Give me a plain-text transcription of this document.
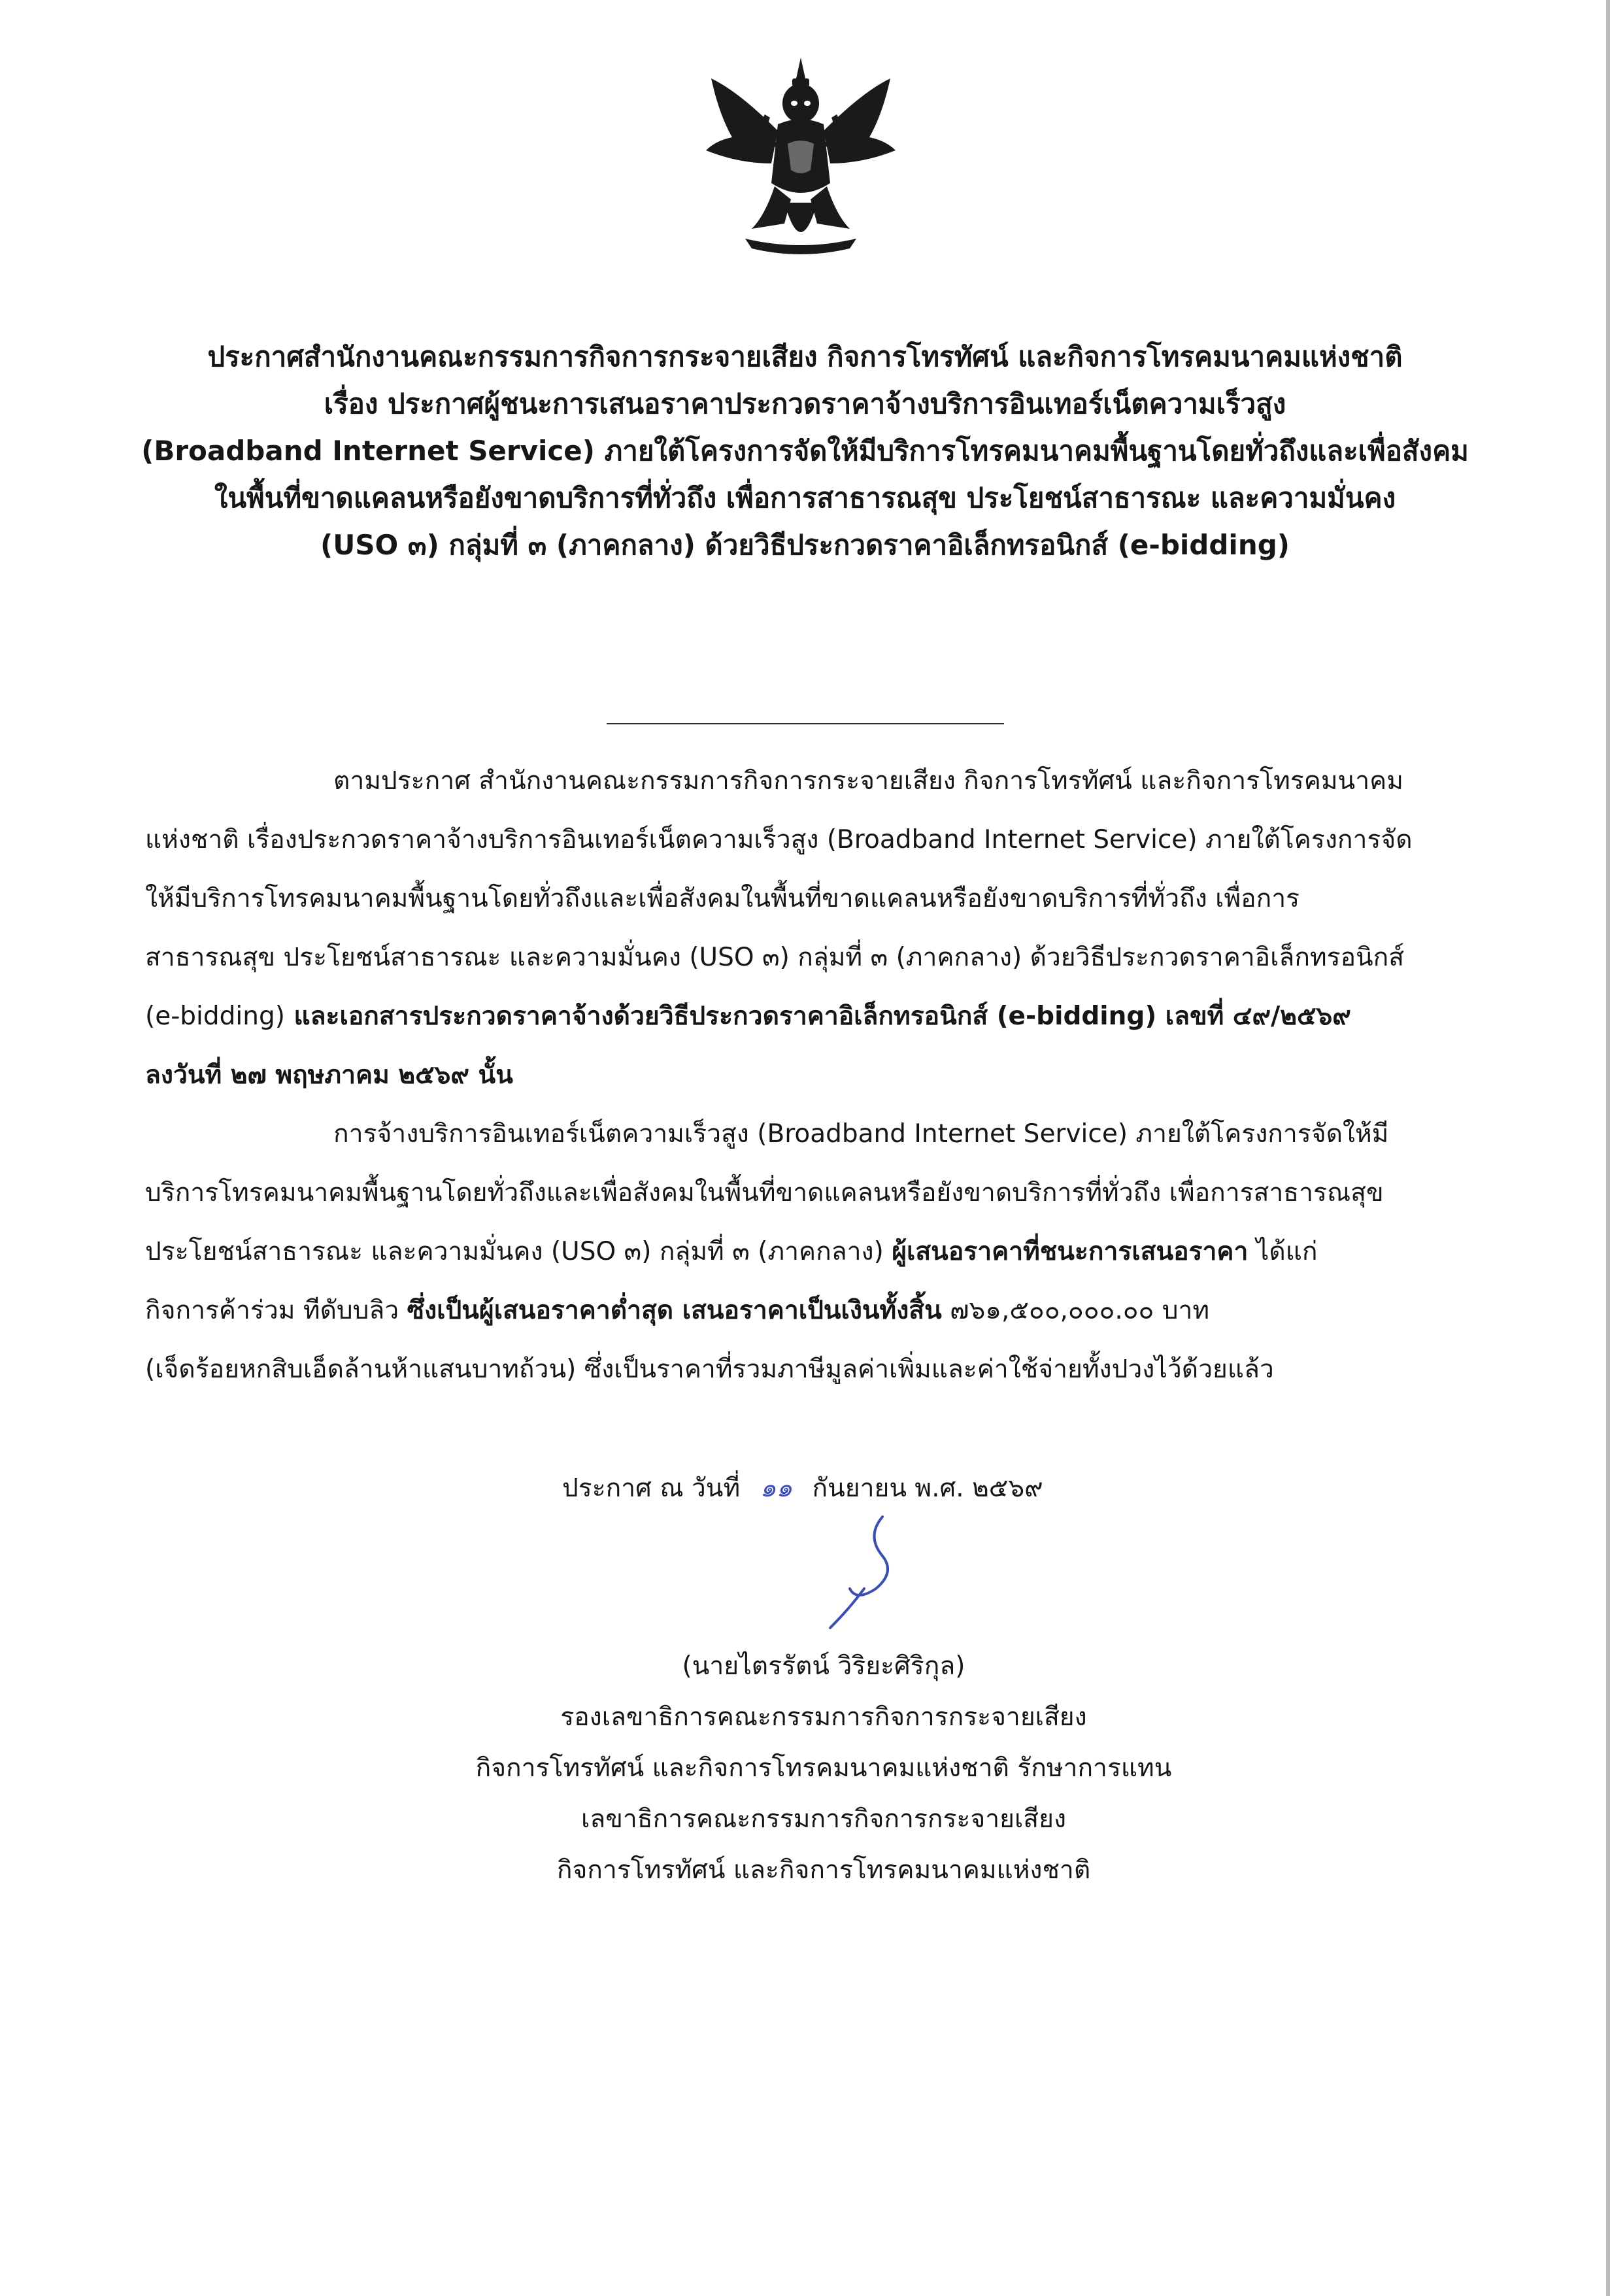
ประกาศสำนักงานคณะกรรมการกิจการกระจายเสียง กิจการโทรทัศน์ และกิจการโทรคมนาคมแห่งชาติ
เรื่อง ประกาศผู้ชนะการเสนอราคาประกวดราคาจ้างบริการอินเทอร์เน็ตความเร็วสูง
(Broadband Internet Service) ภายใต้โครงการจัดให้มีบริการโทรคมนาคมพื้นฐานโดยทั่วถึงและเพื่อสังคม
ในพื้นที่ขาดแคลนหรือยังขาดบริการที่ทั่วถึง เพื่อการสาธารณสุข ประโยชน์สาธารณะ และความมั่นคง
(USO ๓) กลุ่มที่ ๓ (ภาคกลาง) ด้วยวิธีประกวดราคาอิเล็กทรอนิกส์ (e-bidding)
ตามประกาศ สำนักงานคณะกรรมการกิจการกระจายเสียง กิจการโทรทัศน์ และกิจการโทรคมนาคม
แห่งชาติ เรื่องประกวดราคาจ้างบริการอินเทอร์เน็ตความเร็วสูง (Broadband Internet Service) ภายใต้โครงการจัด
ให้มีบริการโทรคมนาคมพื้นฐานโดยทั่วถึงและเพื่อสังคมในพื้นที่ขาดแคลนหรือยังขาดบริการที่ทั่วถึง เพื่อการ
สาธารณสุข ประโยชน์สาธารณะ และความมั่นคง (USO ๓) กลุ่มที่ ๓ (ภาคกลาง) ด้วยวิธีประกวดราคาอิเล็กทรอนิกส์
(e-bidding) และเอกสารประกวดราคาจ้างด้วยวิธีประกวดราคาอิเล็กทรอนิกส์ (e-bidding) เลขที่ ๔๙/๒๕๖๙
ลงวันที่ ๒๗ พฤษภาคม ๒๕๖๙ นั้น
การจ้างบริการอินเทอร์เน็ตความเร็วสูง (Broadband Internet Service) ภายใต้โครงการจัดให้มี
บริการโทรคมนาคมพื้นฐานโดยทั่วถึงและเพื่อสังคมในพื้นที่ขาดแคลนหรือยังขาดบริการที่ทั่วถึง เพื่อการสาธารณสุข
ประโยชน์สาธารณะ และความมั่นคง (USO ๓) กลุ่มที่ ๓ (ภาคกลาง) ผู้เสนอราคาที่ชนะการเสนอราคา ได้แก่
กิจการค้าร่วม ทีดับบลิว ซึ่งเป็นผู้เสนอราคาต่ำสุด เสนอราคาเป็นเงินทั้งสิ้น ๗๖๑,๕๐๐,๐๐๐.๐๐ บาท
(เจ็ดร้อยหกสิบเอ็ดล้านห้าแสนบาทถ้วน) ซึ่งเป็นราคาที่รวมภาษีมูลค่าเพิ่มและค่าใช้จ่ายทั้งปวงไว้ด้วยแล้ว
ประกาศ ณ วันที่ ๑๑ กันยายน พ.ศ. ๒๕๖๙
(นายไตรรัตน์ วิริยะศิริกุล)
รองเลขาธิการคณะกรรมการกิจการกระจายเสียง
กิจการโทรทัศน์ และกิจการโทรคมนาคมแห่งชาติ รักษาการแทน
เลขาธิการคณะกรรมการกิจการกระจายเสียง
กิจการโทรทัศน์ และกิจการโทรคมนาคมแห่งชาติ
